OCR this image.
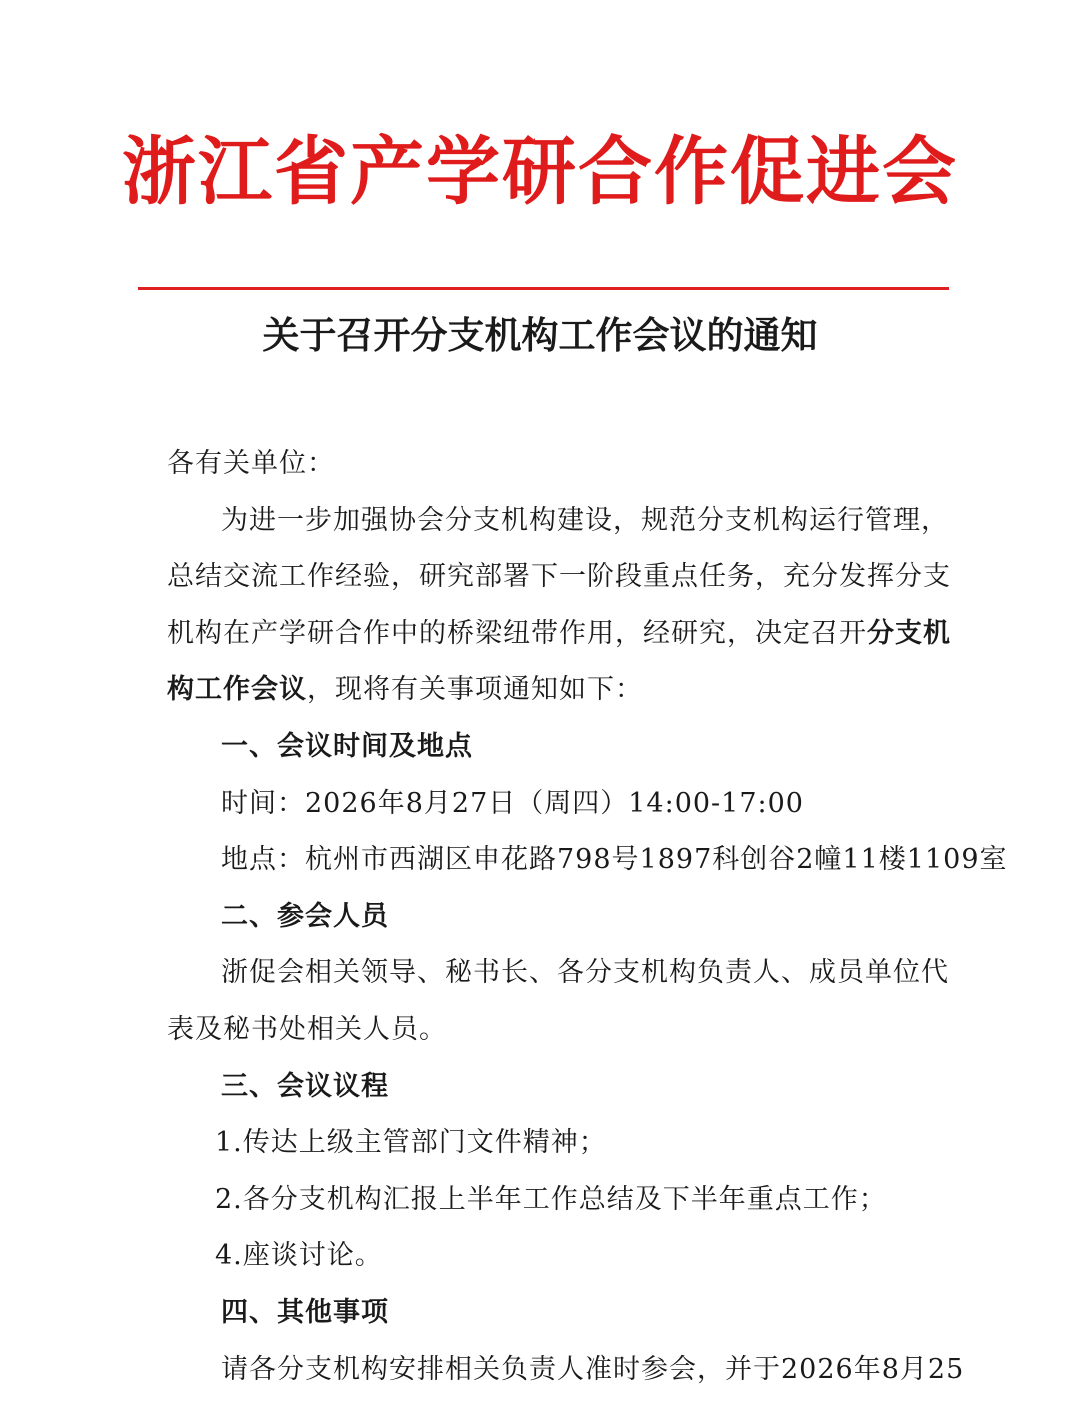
浙江省产学研合作促进会
关于召开分支机构工作会议的通知
各有关单位：
为进一步加强协会分支机构建设，规范分支机构运行管理，
总结交流工作经验，研究部署下一阶段重点任务，充分发挥分支
机构在产学研合作中的桥梁纽带作用，经研究，决定召开分支机
构工作会议，现将有关事项通知如下：
一、会议时间及地点
时间：2026年8月27日（周四）14:00-17:00
地点：杭州市西湖区申花路798号1897科创谷2幢11楼1109室
二、参会人员
浙促会相关领导、秘书长、各分支机构负责人、成员单位代
表及秘书处相关人员。
三、会议议程
1.传达上级主管部门文件精神；
2.各分支机构汇报上半年工作总结及下半年重点工作；
4.座谈讨论。
四、其他事项
请各分支机构安排相关负责人准时参会，并于2026年8月25
